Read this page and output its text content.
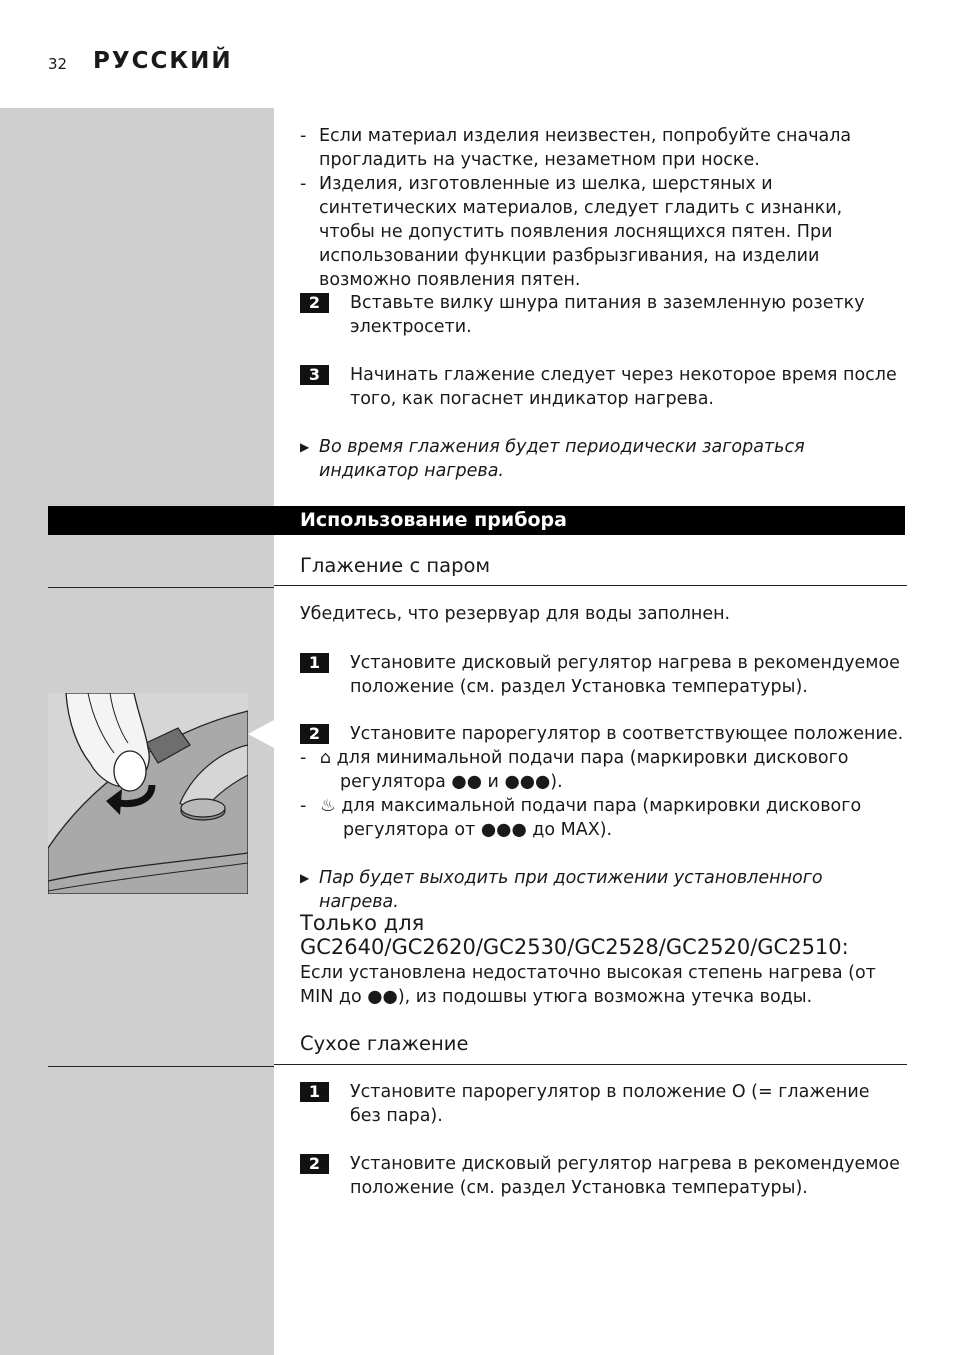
32 РУССКИЙ
- Если материал изделия неизвестен, попробуйте сначала прогладить на участке, незаметном при носке.
- Изделия, изготовленные из шелка, шерстяных и синтетических материалов, следует гладить с изнанки, чтобы не допустить появления лоснящихся пятен. При использовании функции разбрызгивания, на изделии возможно появления пятен.
2	Вставьте вилку шнура питания в заземленную розетку электросети.
3	Начинать глажение следует через некоторое время после того, как погаснет индикатор нагрева.
▶ Во время глажения будет периодически загораться индикатор нагрева.
Использование прибора
Глажение с паром
Убедитесь, что резервуар для воды заполнен.
1	Установите дисковый регулятор нагрева в рекомендуемое положение (см. раздел Установка температуры).
2	Установите парорегулятор в соответствующее положение.
- ⌂ для минимальной подачи пара (маркировки дискового регулятора ●● и ●●●).
- ♨ для максимальной подачи пара (маркировки дискового регулятора от ●●● до MAX).
▶ Пар будет выходить при достижении установленного нагрева.
Только для GC2640/GC2620/GC2530/GC2528/GC2520/GC2510:
Если установлена недостаточно высокая степень нагрева (от MIN до ●●), из подошвы утюга возможна утечка воды.
Сухое глажение
1	Установите парорегулятор в положение O (= глажение без пара).
2	Установите дисковый регулятор нагрева в рекомендуемое положение (см. раздел Установка температуры).
